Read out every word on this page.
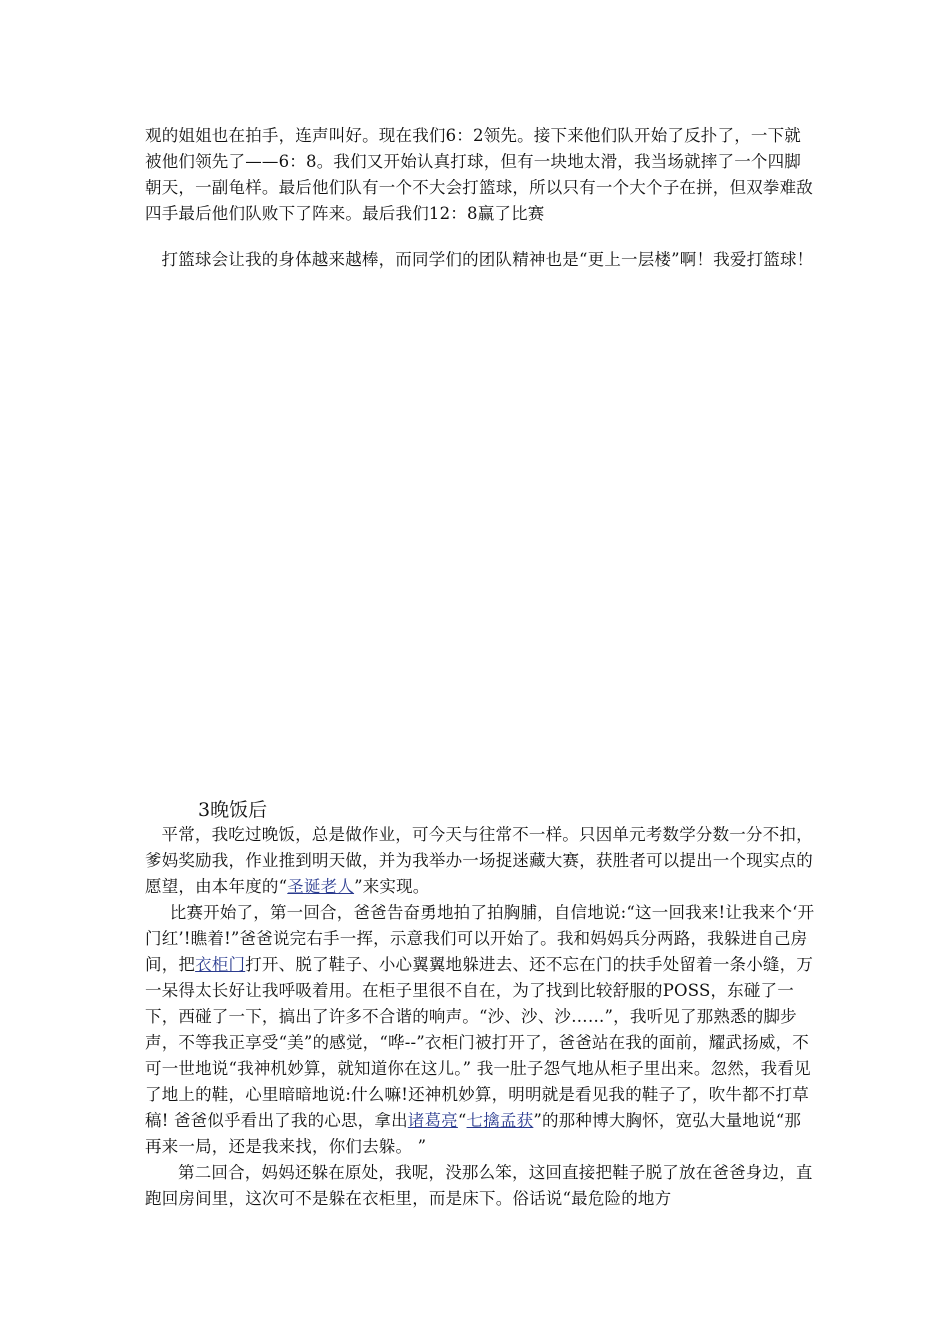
观的姐姐也在拍手，连声叫好。现在我们6：2领先。接下来他们队开始了反扑了，一下就被他们领先了——6：8。我们又开始认真打球，但有一块地太滑，我当场就摔了一个四脚朝天，一副龟样。最后他们队有一个不大会打篮球，所以只有一个大个子在拼，但双拳难敌四手最后他们队败下了阵来。最后我们12：8赢了比赛

打篮球会让我的身体越来越棒，而同学们的团队精神也是“更上一层楼”啊！我爱打篮球！

3晚饭后

平常，我吃过晚饭，总是做作业，可今天与往常不一样。只因单元考数学分数一分不扣，爹妈奖励我，作业推到明天做，并为我举办一场捉迷藏大赛，获胜者可以提出一个现实点的愿望，由本年度的“圣诞老人”来实现。

比赛开始了，第一回合，爸爸告奋勇地拍了拍胸脯，自信地说:“这一回我来!让我来个‘开门红’!瞧着!”爸爸说完右手一挥，示意我们可以开始了。我和妈妈兵分两路，我躲进自己房间，把衣柜门打开、脱了鞋子、小心翼翼地躲进去、还不忘在门的扶手处留着一条小缝，万一呆得太长好让我呼吸着用。在柜子里很不自在，为了找到比较舒服的POSS，东碰了一下，西碰了一下，搞出了许多不合谐的响声。“沙、沙、沙……”，我听见了那熟悉的脚步声，不等我正享受“美”的感觉，“哗--”衣柜门被打开了，爸爸站在我的面前，耀武扬威，不可一世地说“我神机妙算，就知道你在这儿。” 我一肚子怨气地从柜子里出来。忽然，我看见了地上的鞋，心里暗暗地说:什么嘛!还神机妙算，明明就是看见我的鞋子了，吹牛都不打草稿! 爸爸似乎看出了我的心思，拿出诸葛亮“七擒孟获”的那种博大胸怀，宽弘大量地说“那再来一局，还是我来找，你们去躲。 ”

第二回合，妈妈还躲在原处，我呢，没那么笨，这回直接把鞋子脱了放在爸爸身边，直跑回房间里，这次可不是躲在衣柜里，而是床下。俗话说“最危险的地方
